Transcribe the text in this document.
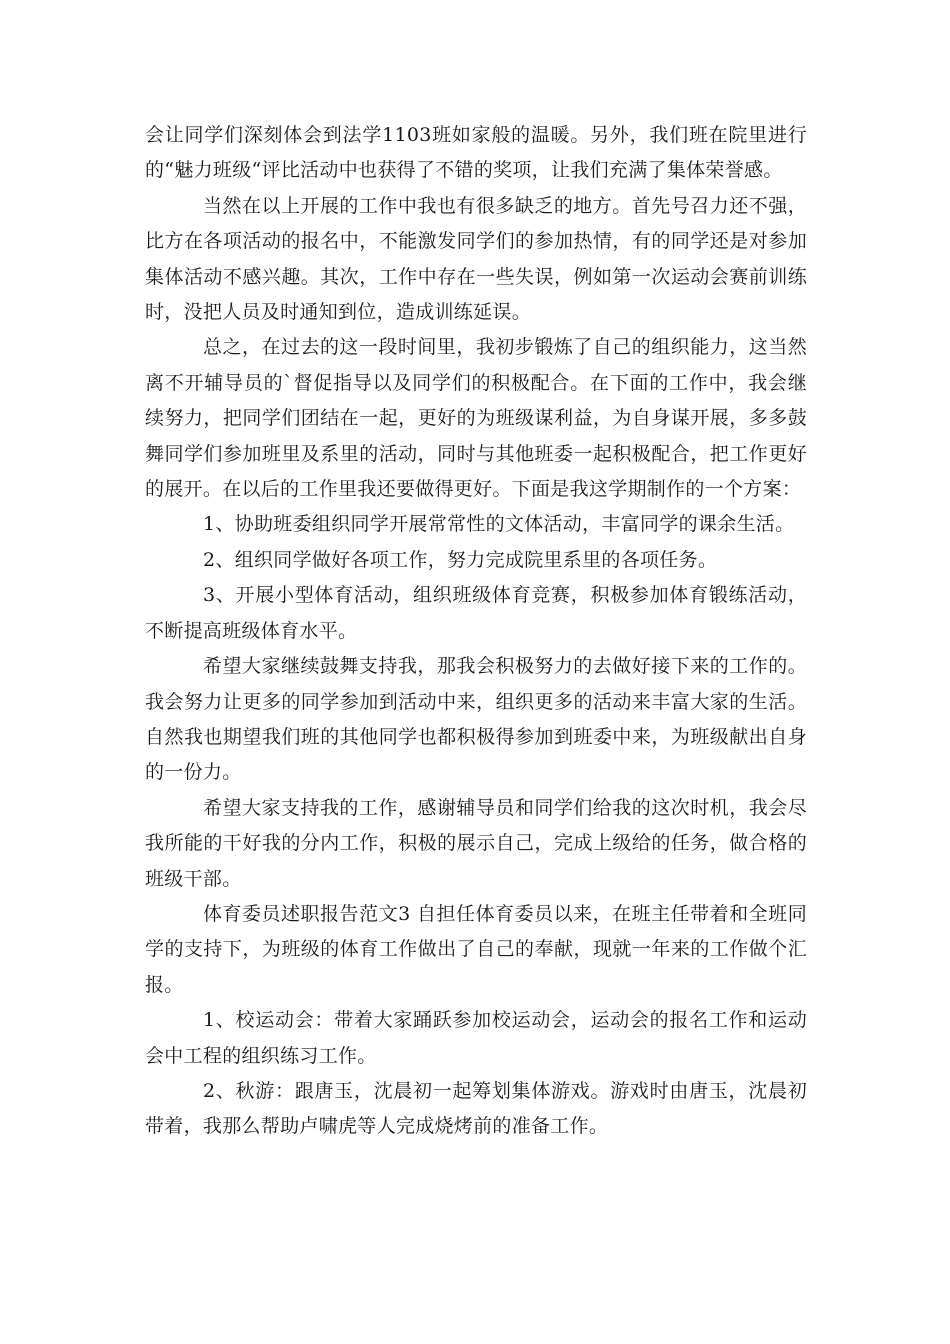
会让同学们深刻体会到法学1103班如家般的温暖。另外，我们班在院里进行的“魅力班级“评比活动中也获得了不错的奖项，让我们充满了集体荣誉感。

当然在以上开展的工作中我也有很多缺乏的地方。首先号召力还不强，比方在各项活动的报名中，不能激发同学们的参加热情，有的同学还是对参加集体活动不感兴趣。其次，工作中存在一些失误，例如第一次运动会赛前训练时，没把人员及时通知到位，造成训练延误。

总之，在过去的这一段时间里，我初步锻炼了自己的组织能力，这当然离不开辅导员的`督促指导以及同学们的积极配合。在下面的工作中，我会继续努力，把同学们团结在一起，更好的为班级谋利益，为自身谋开展，多多鼓舞同学们参加班里及系里的活动，同时与其他班委一起积极配合，把工作更好的展开。在以后的工作里我还要做得更好。下面是我这学期制作的一个方案：

1、协助班委组织同学开展常常性的文体活动，丰富同学的课余生活。

2、组织同学做好各项工作，努力完成院里系里的各项任务。

3、开展小型体育活动，组织班级体育竞赛，积极参加体育锻练活动，不断提高班级体育水平。

希望大家继续鼓舞支持我，那我会积极努力的去做好接下来的工作的。我会努力让更多的同学参加到活动中来，组织更多的活动来丰富大家的生活。自然我也期望我们班的其他同学也都积极得参加到班委中来，为班级献出自身的一份力。

希望大家支持我的工作，感谢辅导员和同学们给我的这次时机，我会尽我所能的干好我的分内工作，积极的展示自己，完成上级给的任务，做合格的班级干部。

体育委员述职报告范文3 自担任体育委员以来，在班主任带着和全班同学的支持下，为班级的体育工作做出了自己的奉献，现就一年来的工作做个汇报。

1、校运动会：带着大家踊跃参加校运动会，运动会的报名工作和运动会中工程的组织练习工作。

2、秋游：跟唐玉，沈晨初一起筹划集体游戏。游戏时由唐玉，沈晨初带着，我那么帮助卢啸虎等人完成烧烤前的准备工作。
